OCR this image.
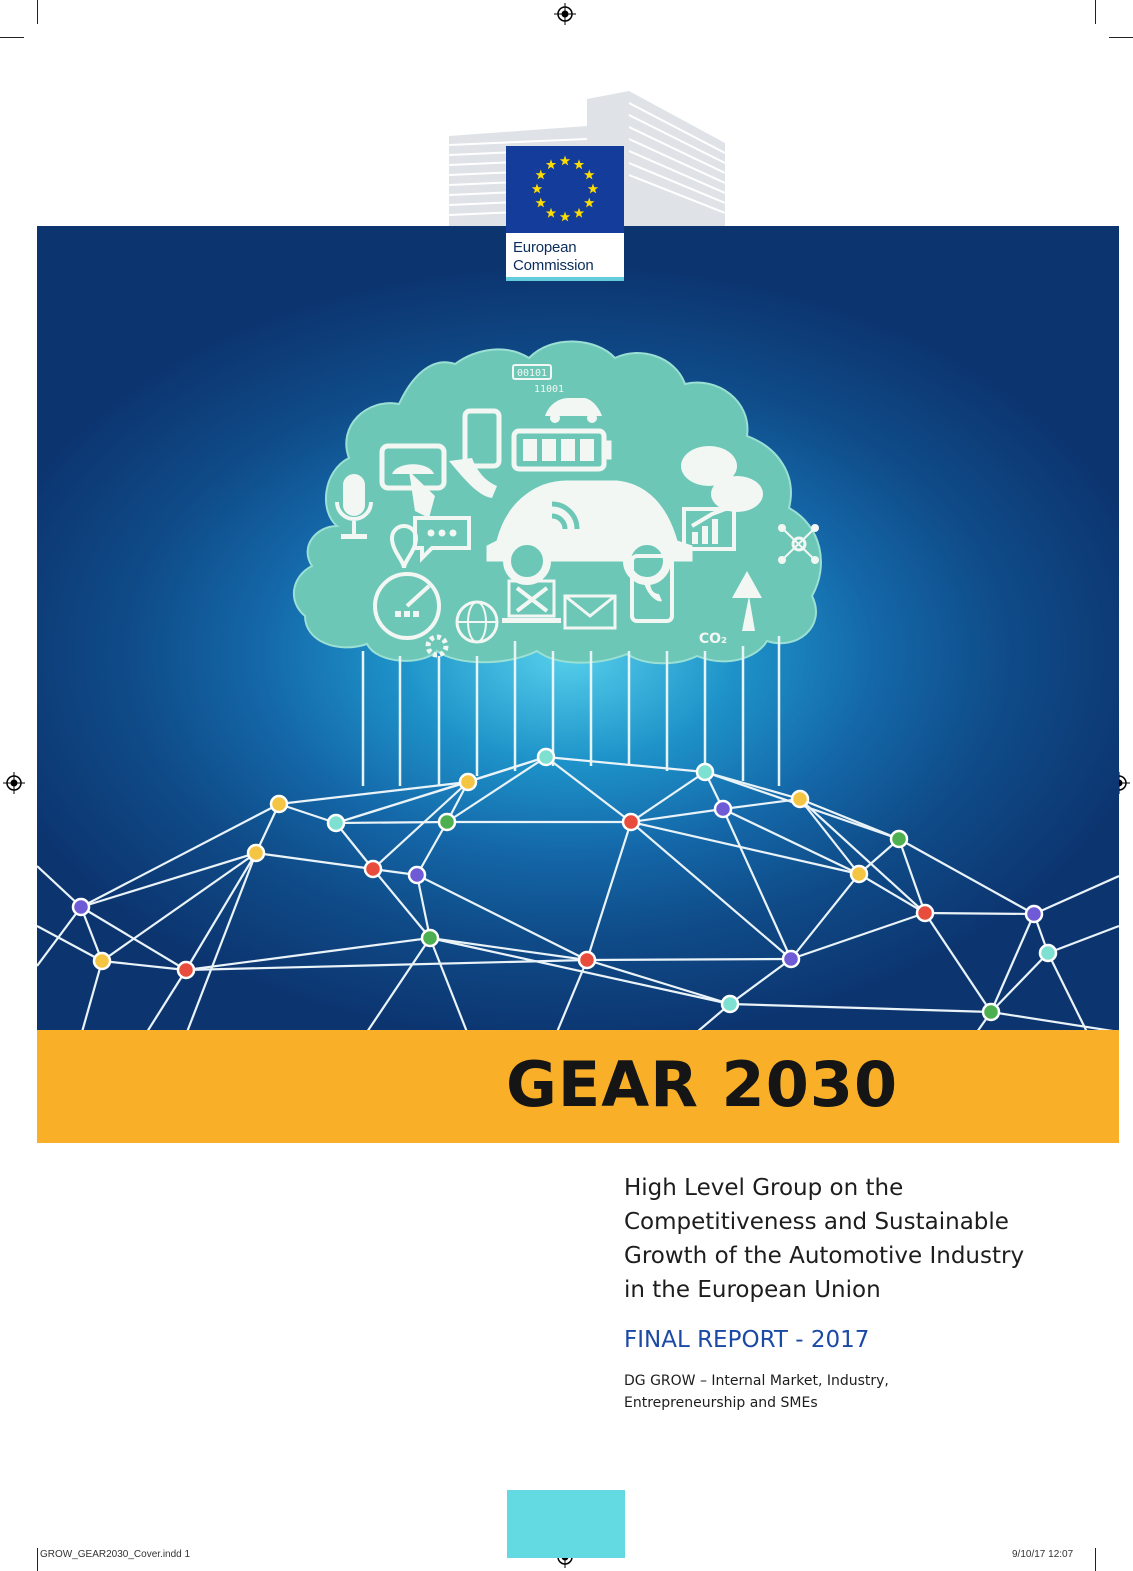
00101
11001
CO₂
European
Commission
GEAR 2030
High Level Group on the
Competitiveness and Sustainable
Growth of the Automotive Industry
in the European Union
FINAL REPORT - 2017
DG GROW – Internal Market, Industry,
Entrepreneurship and SMEs
GROW_GEAR2030_Cover.indd 1	9/10/17 12:07
